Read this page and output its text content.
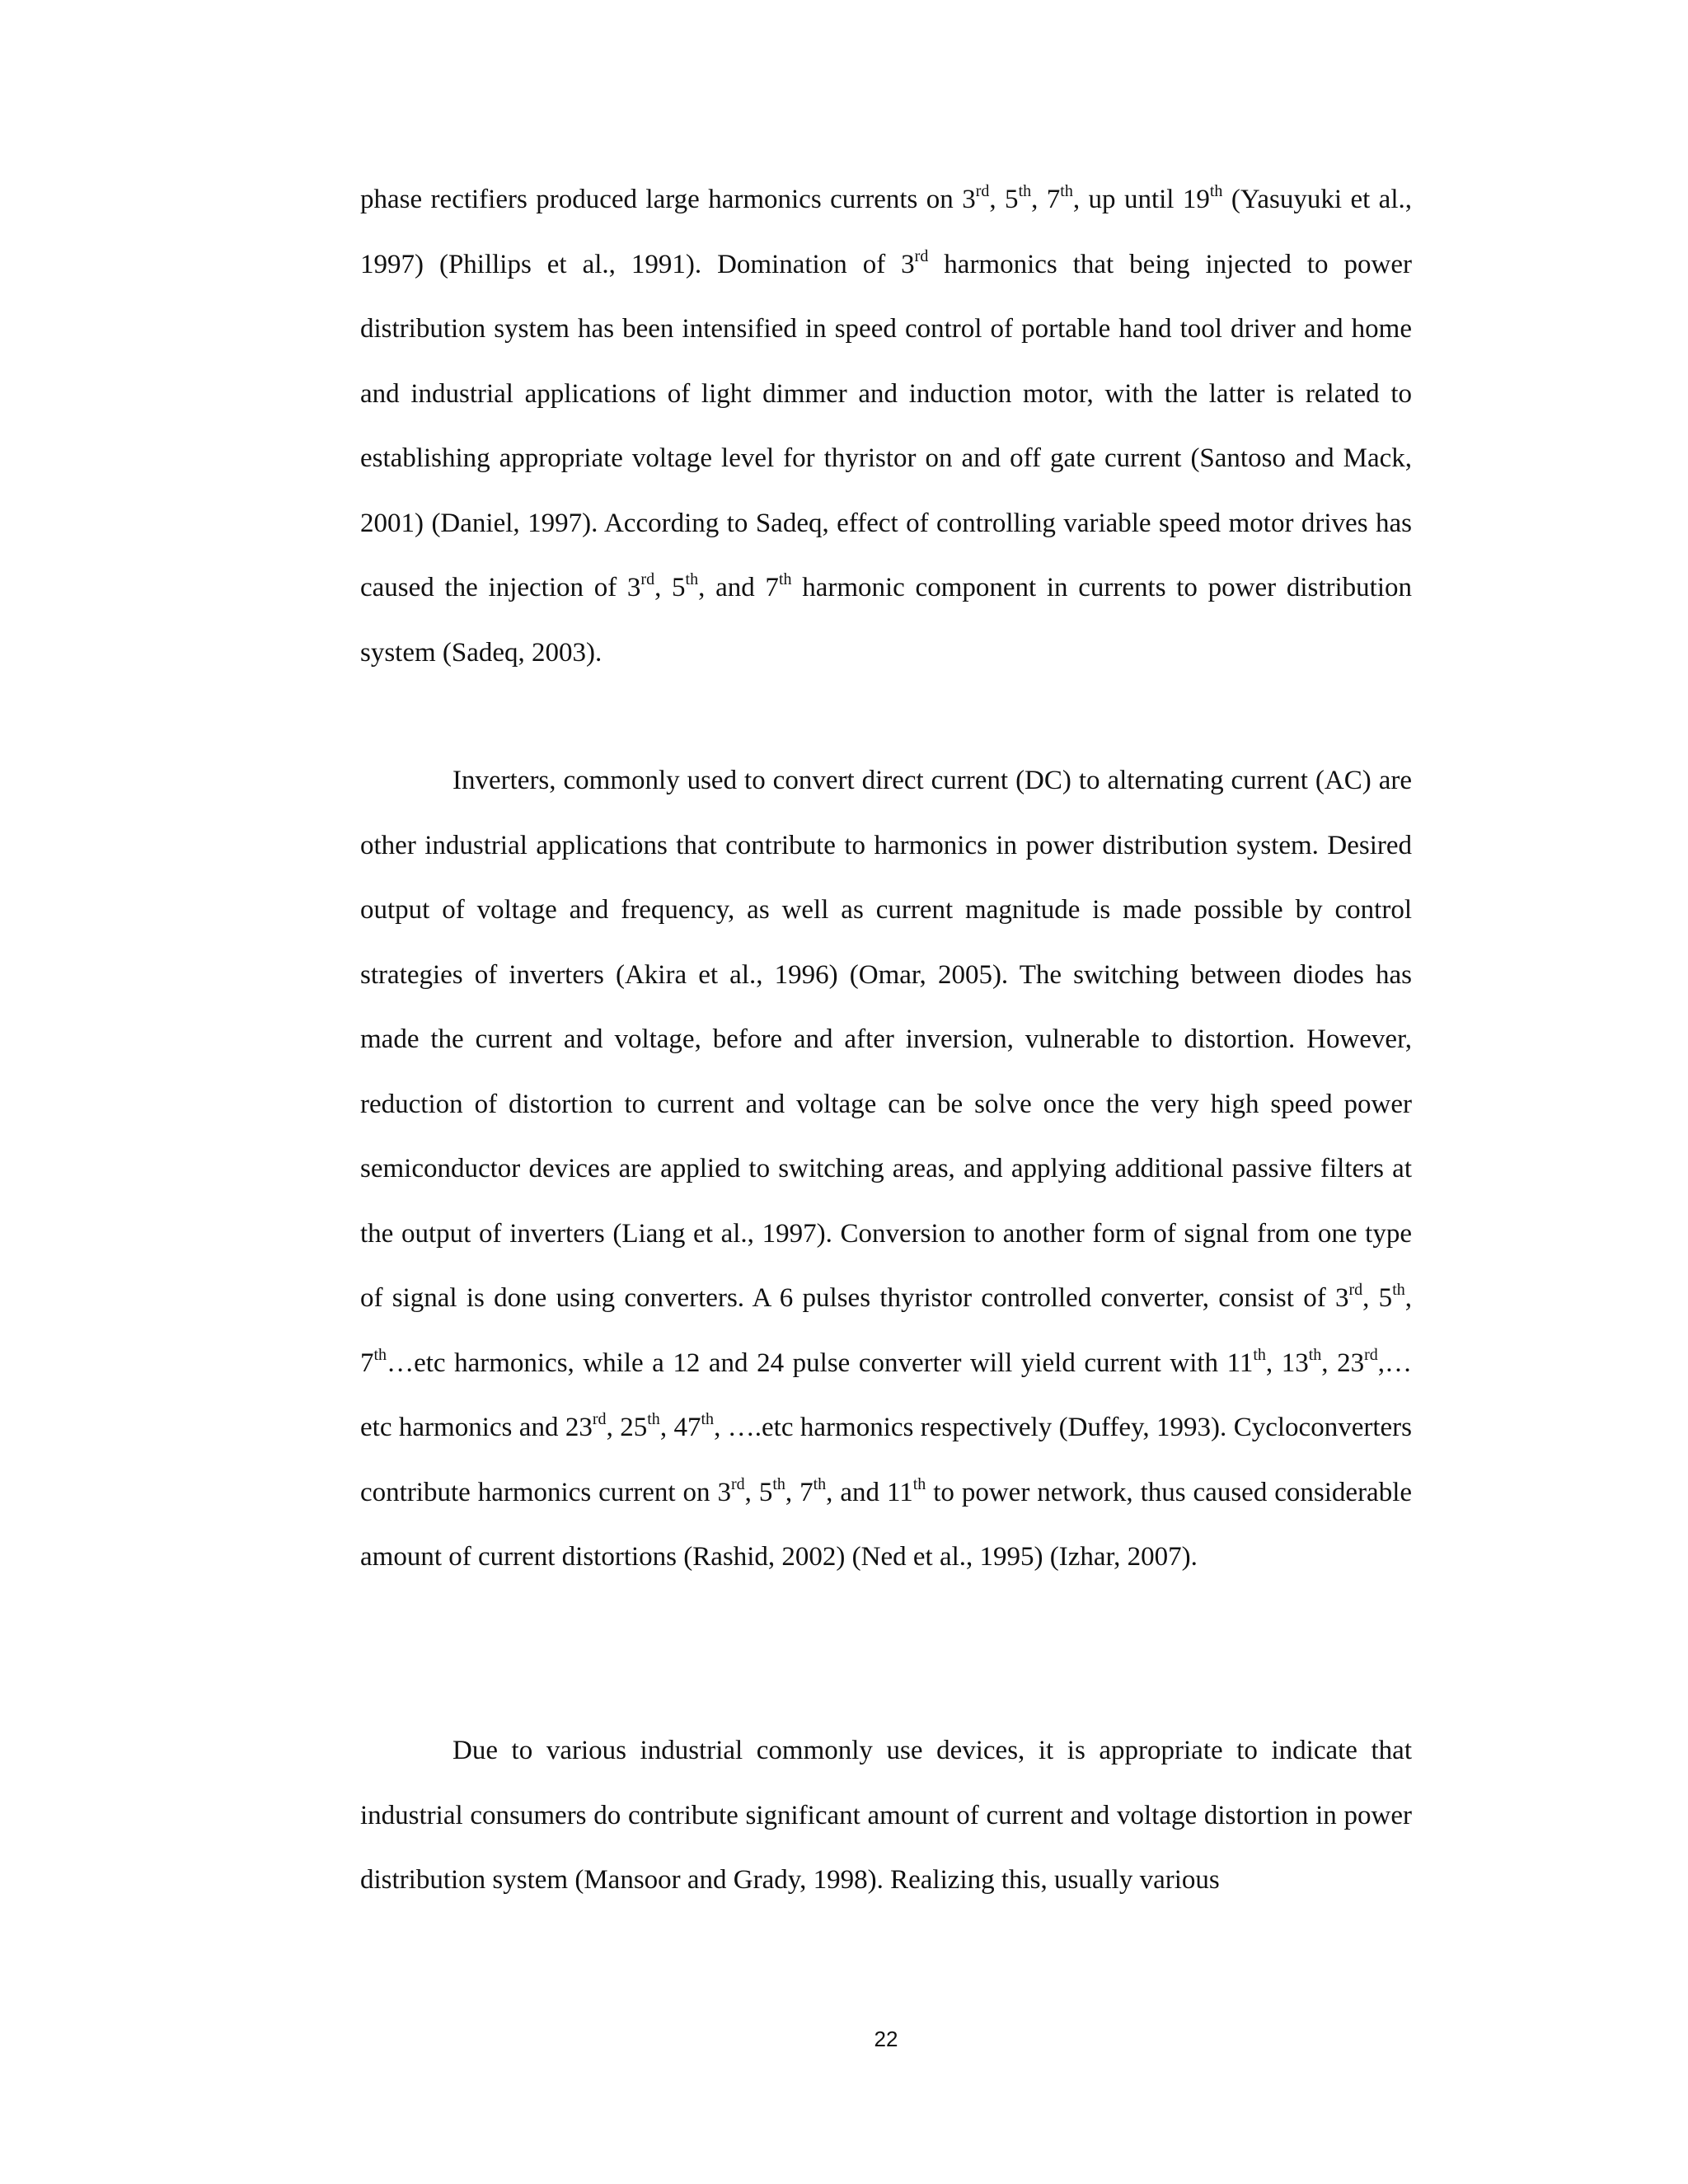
phase rectifiers produced large harmonics currents on 3rd, 5th, 7th, up until 19th (Yasuyuki et al., 1997) (Phillips et al., 1991). Domination of 3rd harmonics that being injected to power distribution system has been intensified in speed control of portable hand tool driver and home and industrial applications of light dimmer and induction motor, with the latter is related to establishing appropriate voltage level for thyristor on and off gate current (Santoso and Mack, 2001) (Daniel, 1997). According to Sadeq, effect of controlling variable speed motor drives has caused the injection of 3rd, 5th, and 7th harmonic component in currents to power distribution system (Sadeq, 2003).

Inverters, commonly used to convert direct current (DC) to alternating current (AC) are other industrial applications that contribute to harmonics in power distribution system. Desired output of voltage and frequency, as well as current magnitude is made possible by control strategies of inverters (Akira et al., 1996) (Omar, 2005). The switching between diodes has made the current and voltage, before and after inversion, vulnerable to distortion. However, reduction of distortion to current and voltage can be solve once the very high speed power semiconductor devices are applied to switching areas, and applying additional passive filters at the output of inverters (Liang et al., 1997). Conversion to another form of signal from one type of signal is done using converters. A 6 pulses thyristor controlled converter, consist of 3rd, 5th, 7th…etc harmonics, while a 12 and 24 pulse converter will yield current with 11th, 13th, 23rd,…etc harmonics and 23rd, 25th, 47th, ….etc harmonics respectively (Duffey, 1993). Cycloconverters contribute harmonics current on 3rd, 5th, 7th, and 11th to power network, thus caused considerable amount of current distortions (Rashid, 2002) (Ned et al., 1995) (Izhar, 2007).

Due to various industrial commonly use devices, it is appropriate to indicate that industrial consumers do contribute significant amount of current and voltage distortion in power distribution system (Mansoor and Grady, 1998). Realizing this, usually various

22
